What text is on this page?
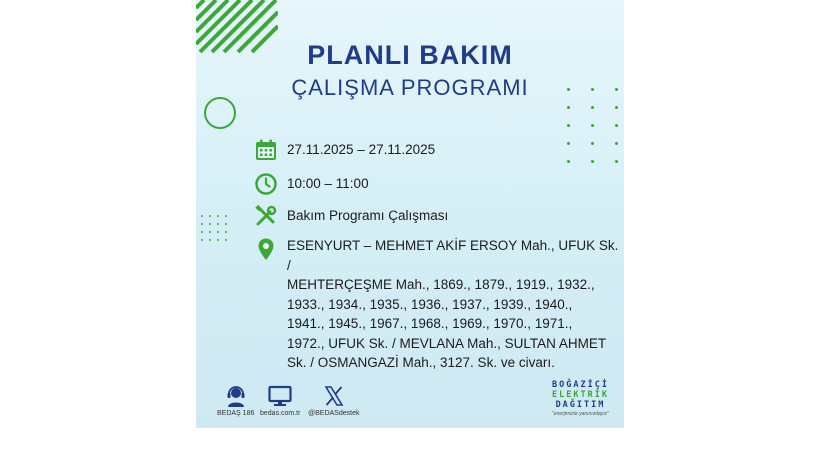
PLANLI BAKIM
ÇALIŞMA PROGRAMI
27.11.2025 – 27.11.2025
10:00 – 11:00
Bakım Programı Çalışması
ESENYURT – MEHMET AKİF ERSOY Mah., UFUK Sk. /
MEHTERÇEŞME Mah., 1869., 1879., 1919., 1932.,
1933., 1934., 1935., 1936., 1937., 1939., 1940.,
1941., 1945., 1967., 1968., 1969., 1970., 1971.,
1972., UFUK Sk. / MEVLANA Mah., SULTAN AHMET
Sk. / OSMANGAZİ Mah., 3127. Sk. ve civarı.
BEDAŞ 186 bedas.com.tr @BEDASdestek
BOĞAZİÇİ
ELEKTRİK
DAĞITIM
"enerjimizle yanınızdayız"
